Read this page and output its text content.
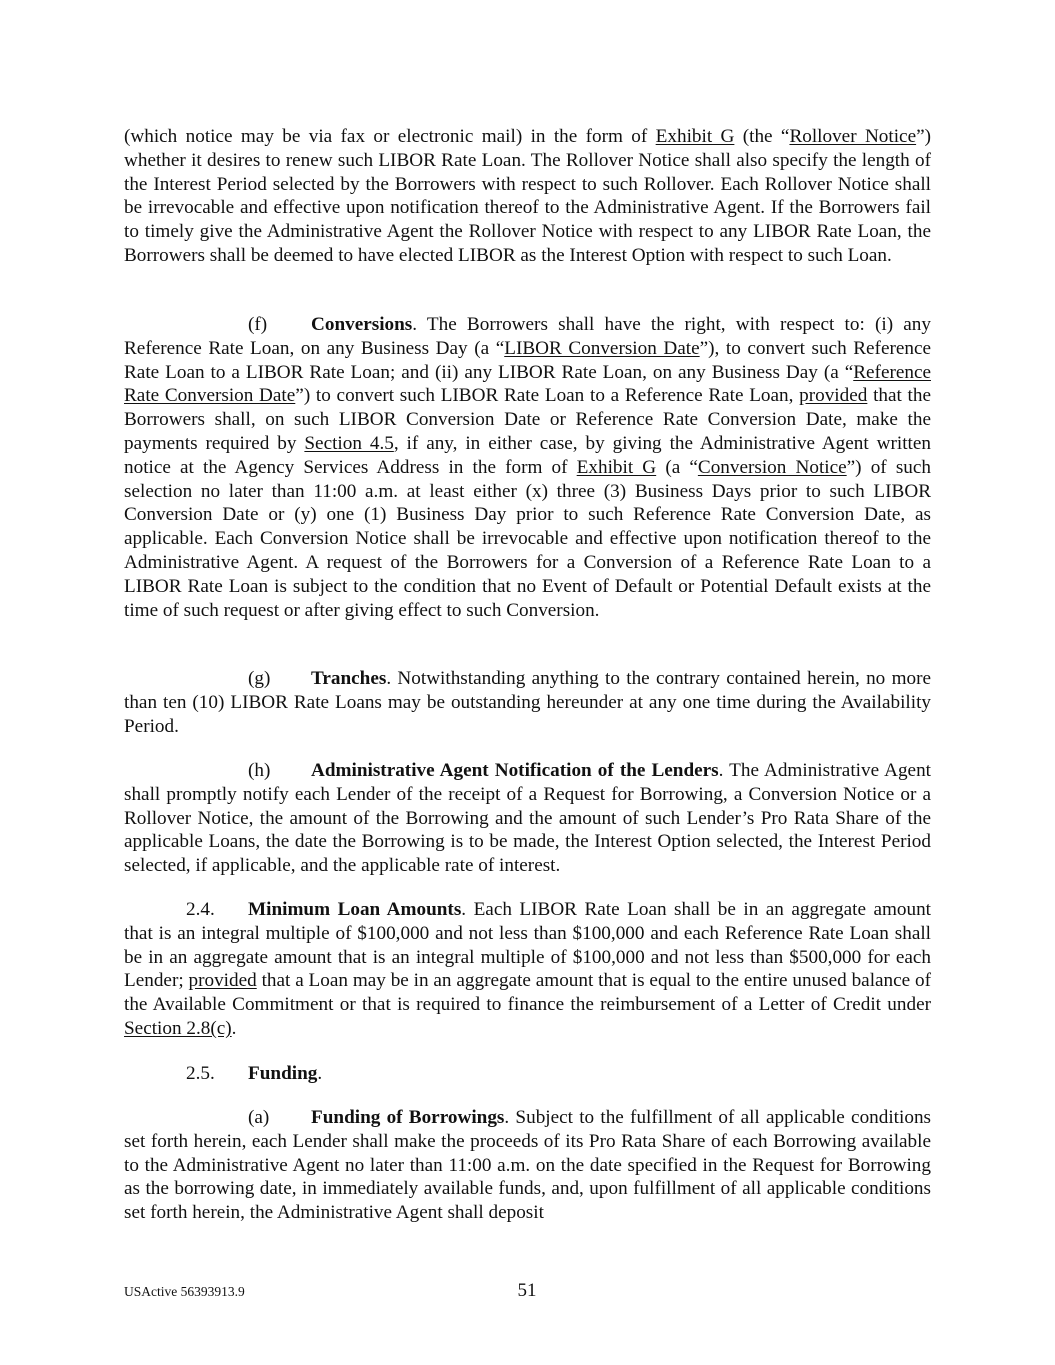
(which notice may be via fax or electronic mail) in the form of Exhibit G (the “Rollover Notice”) whether it desires to renew such LIBOR Rate Loan. The Rollover Notice shall also specify the length of the Interest Period selected by the Borrowers with respect to such Rollover. Each Rollover Notice shall be irrevocable and effective upon notification thereof to the Administrative Agent. If the Borrowers fail to timely give the Administrative Agent the Rollover Notice with respect to any LIBOR Rate Loan, the Borrowers shall be deemed to have elected LIBOR as the Interest Option with respect to such Loan.

(f) Conversions. The Borrowers shall have the right, with respect to: (i) any Reference Rate Loan, on any Business Day (a “LIBOR Conversion Date”), to convert such Reference Rate Loan to a LIBOR Rate Loan; and (ii) any LIBOR Rate Loan, on any Business Day (a “Reference Rate Conversion Date”) to convert such LIBOR Rate Loan to a Reference Rate Loan, provided that the Borrowers shall, on such LIBOR Conversion Date or Reference Rate Conversion Date, make the payments required by Section 4.5, if any, in either case, by giving the Administrative Agent written notice at the Agency Services Address in the form of Exhibit G (a “Conversion Notice”) of such selection no later than 11:00 a.m. at least either (x) three (3) Business Days prior to such LIBOR Conversion Date or (y) one (1) Business Day prior to such Reference Rate Conversion Date, as applicable. Each Conversion Notice shall be irrevocable and effective upon notification thereof to the Administrative Agent. A request of the Borrowers for a Conversion of a Reference Rate Loan to a LIBOR Rate Loan is subject to the condition that no Event of Default or Potential Default exists at the time of such request or after giving effect to such Conversion.

(g) Tranches. Notwithstanding anything to the contrary contained herein, no more than ten (10) LIBOR Rate Loans may be outstanding hereunder at any one time during the Availability Period.

(h) Administrative Agent Notification of the Lenders. The Administrative Agent shall promptly notify each Lender of the receipt of a Request for Borrowing, a Conversion Notice or a Rollover Notice, the amount of the Borrowing and the amount of such Lender’s Pro Rata Share of the applicable Loans, the date the Borrowing is to be made, the Interest Option selected, the Interest Period selected, if applicable, and the applicable rate of interest.

2.4. Minimum Loan Amounts. Each LIBOR Rate Loan shall be in an aggregate amount that is an integral multiple of $100,000 and not less than $100,000 and each Reference Rate Loan shall be in an aggregate amount that is an integral multiple of $100,000 and not less than $500,000 for each Lender; provided that a Loan may be in an aggregate amount that is equal to the entire unused balance of the Available Commitment or that is required to finance the reimbursement of a Letter of Credit under Section 2.8(c).

2.5. Funding.

(a) Funding of Borrowings. Subject to the fulfillment of all applicable conditions set forth herein, each Lender shall make the proceeds of its Pro Rata Share of each Borrowing available to the Administrative Agent no later than 11:00 a.m. on the date specified in the Request for Borrowing as the borrowing date, in immediately available funds, and, upon fulfillment of all applicable conditions set forth herein, the Administrative Agent shall deposit

USActive 56393913.9	51
